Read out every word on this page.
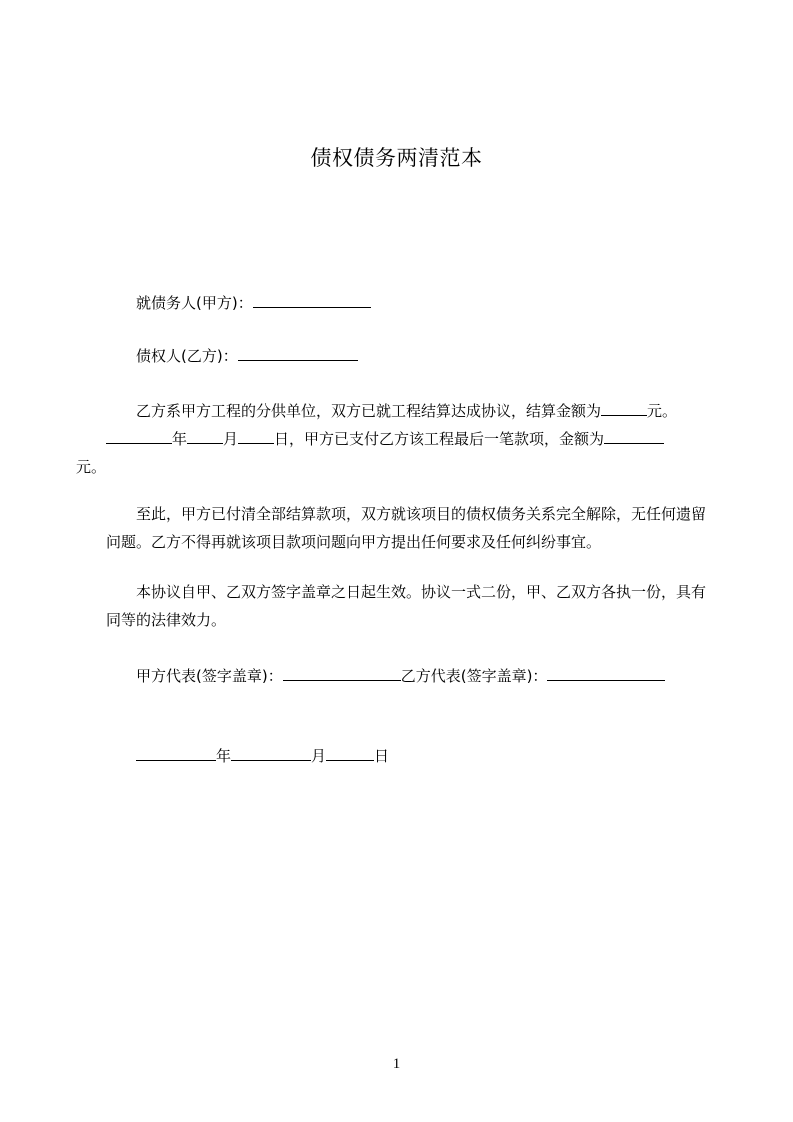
债权债务两清范本
就债务人(甲方)：
债权人(乙方)：
乙方系甲方工程的分供单位，双方已就工程结算达成协议，结算金额为	元。
年 月 日，甲方已支付乙方该工程最后一笔款项，金额为
元。
至此，甲方已付清全部结算款项，双方就该项目的债权债务关系完全解除，无任何遗留问题。乙方不得再就该项目款项问题向甲方提出任何要求及任何纠纷事宜。
本协议自甲、乙双方签字盖章之日起生效。协议一式二份，甲、乙双方各执一份，具有同等的法律效力。
甲方代表(签字盖章)：	乙方代表(签字盖章)：
年	月	日
1
